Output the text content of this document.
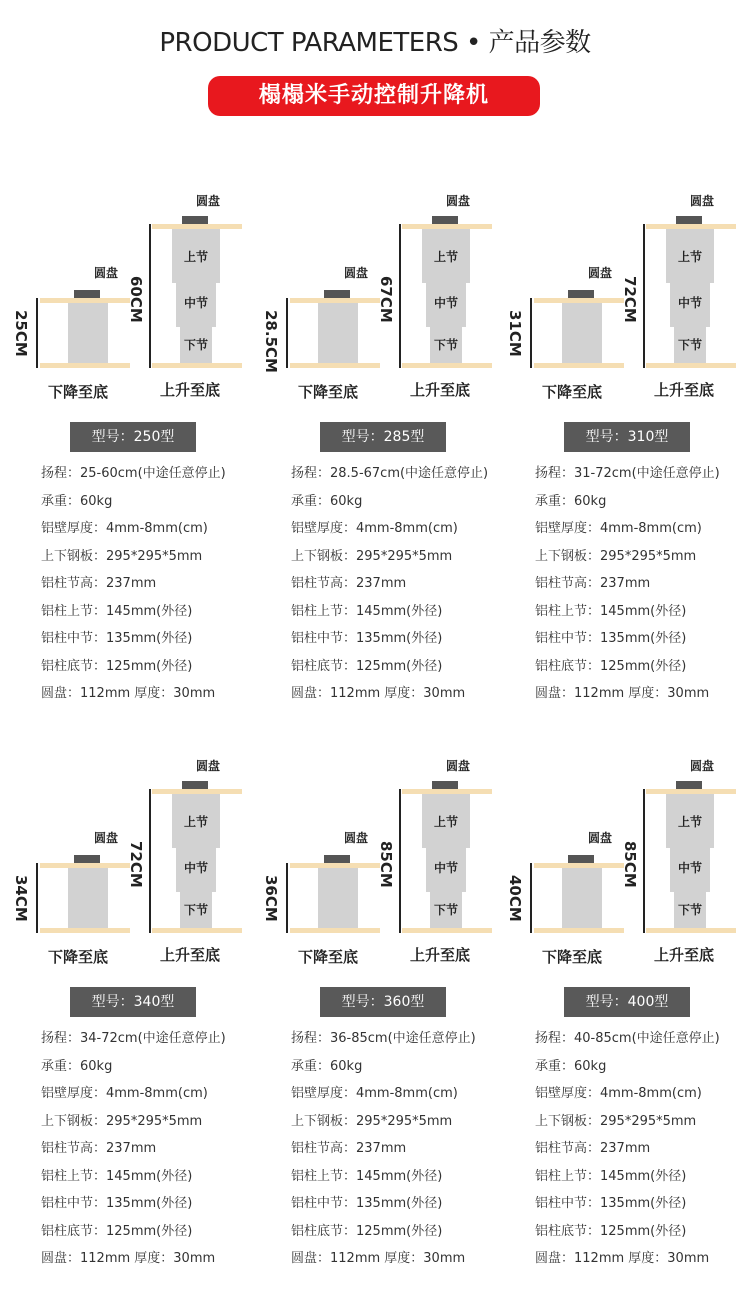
PRODUCT PARAMETERS • 产品参数
榻榻米手动控制升降机
圆盘
25CM
下降至底
圆盘
上节
中节
下节
60CM
上升至底
型号：250型
扬程：25-60cm(中途任意停止)
承重：60kg
铝壁厚度：4mm-8mm(cm)
上下钢板：295*295*5mm
铝柱节高：237mm
铝柱上节：145mm(外径)
铝柱中节：135mm(外径)
铝柱底节：125mm(外径)
圆盘：112mm 厚度：30mm
圆盘
28.5CM
下降至底
圆盘
上节
中节
下节
67CM
上升至底
型号：285型
扬程：28.5-67cm(中途任意停止)
承重：60kg
铝壁厚度：4mm-8mm(cm)
上下钢板：295*295*5mm
铝柱节高：237mm
铝柱上节：145mm(外径)
铝柱中节：135mm(外径)
铝柱底节：125mm(外径)
圆盘：112mm 厚度：30mm
圆盘
31CM
下降至底
圆盘
上节
中节
下节
72CM
上升至底
型号：310型
扬程：31-72cm(中途任意停止)
承重：60kg
铝壁厚度：4mm-8mm(cm)
上下钢板：295*295*5mm
铝柱节高：237mm
铝柱上节：145mm(外径)
铝柱中节：135mm(外径)
铝柱底节：125mm(外径)
圆盘：112mm 厚度：30mm
圆盘
34CM
下降至底
圆盘
上节
中节
下节
72CM
上升至底
型号：340型
扬程：34-72cm(中途任意停止)
承重：60kg
铝壁厚度：4mm-8mm(cm)
上下钢板：295*295*5mm
铝柱节高：237mm
铝柱上节：145mm(外径)
铝柱中节：135mm(外径)
铝柱底节：125mm(外径)
圆盘：112mm 厚度：30mm
圆盘
36CM
下降至底
圆盘
上节
中节
下节
85CM
上升至底
型号：360型
扬程：36-85cm(中途任意停止)
承重：60kg
铝壁厚度：4mm-8mm(cm)
上下钢板：295*295*5mm
铝柱节高：237mm
铝柱上节：145mm(外径)
铝柱中节：135mm(外径)
铝柱底节：125mm(外径)
圆盘：112mm 厚度：30mm
圆盘
40CM
下降至底
圆盘
上节
中节
下节
85CM
上升至底
型号：400型
扬程：40-85cm(中途任意停止)
承重：60kg
铝壁厚度：4mm-8mm(cm)
上下钢板：295*295*5mm
铝柱节高：237mm
铝柱上节：145mm(外径)
铝柱中节：135mm(外径)
铝柱底节：125mm(外径)
圆盘：112mm 厚度：30mm
